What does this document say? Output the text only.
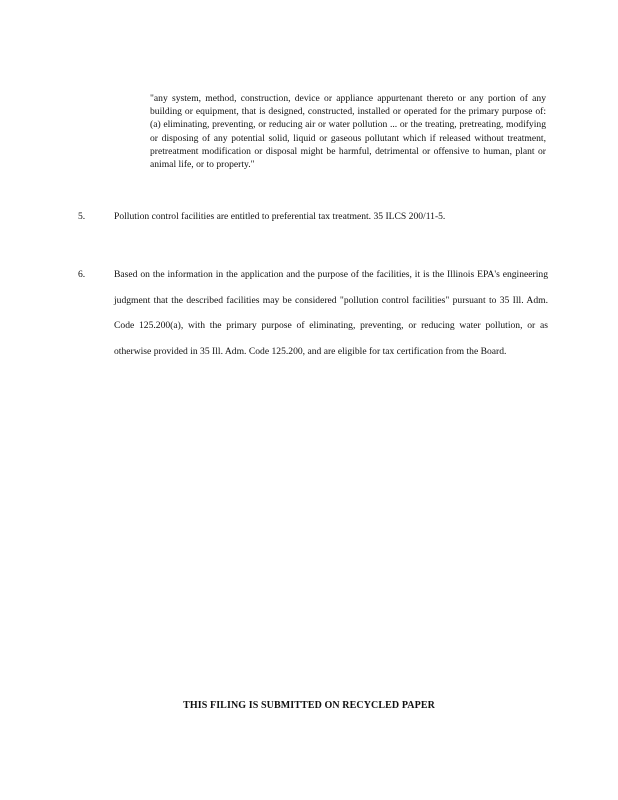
"any system, method, construction, device or appliance appurtenant thereto or any portion of any building or equipment, that is designed, constructed, installed or operated for the primary purpose of: (a) eliminating, preventing, or reducing air or water pollution ... or the treating, pretreating, modifying or disposing of any potential solid, liquid or gaseous pollutant which if released without treatment, pretreatment modification or disposal might be harmful, detrimental or offensive to human, plant or animal life, or to property."
5.	Pollution control facilities are entitled to preferential tax treatment. 35 ILCS 200/11-5.
6.	Based on the information in the application and the purpose of the facilities, it is the Illinois EPA's engineering judgment that the described facilities may be considered "pollution control facilities" pursuant to 35 Ill. Adm. Code 125.200(a), with the primary purpose of eliminating, preventing, or reducing water pollution, or as otherwise provided in 35 Ill. Adm. Code 125.200, and are eligible for tax certification from the Board.
THIS FILING IS SUBMITTED ON RECYCLED PAPER
